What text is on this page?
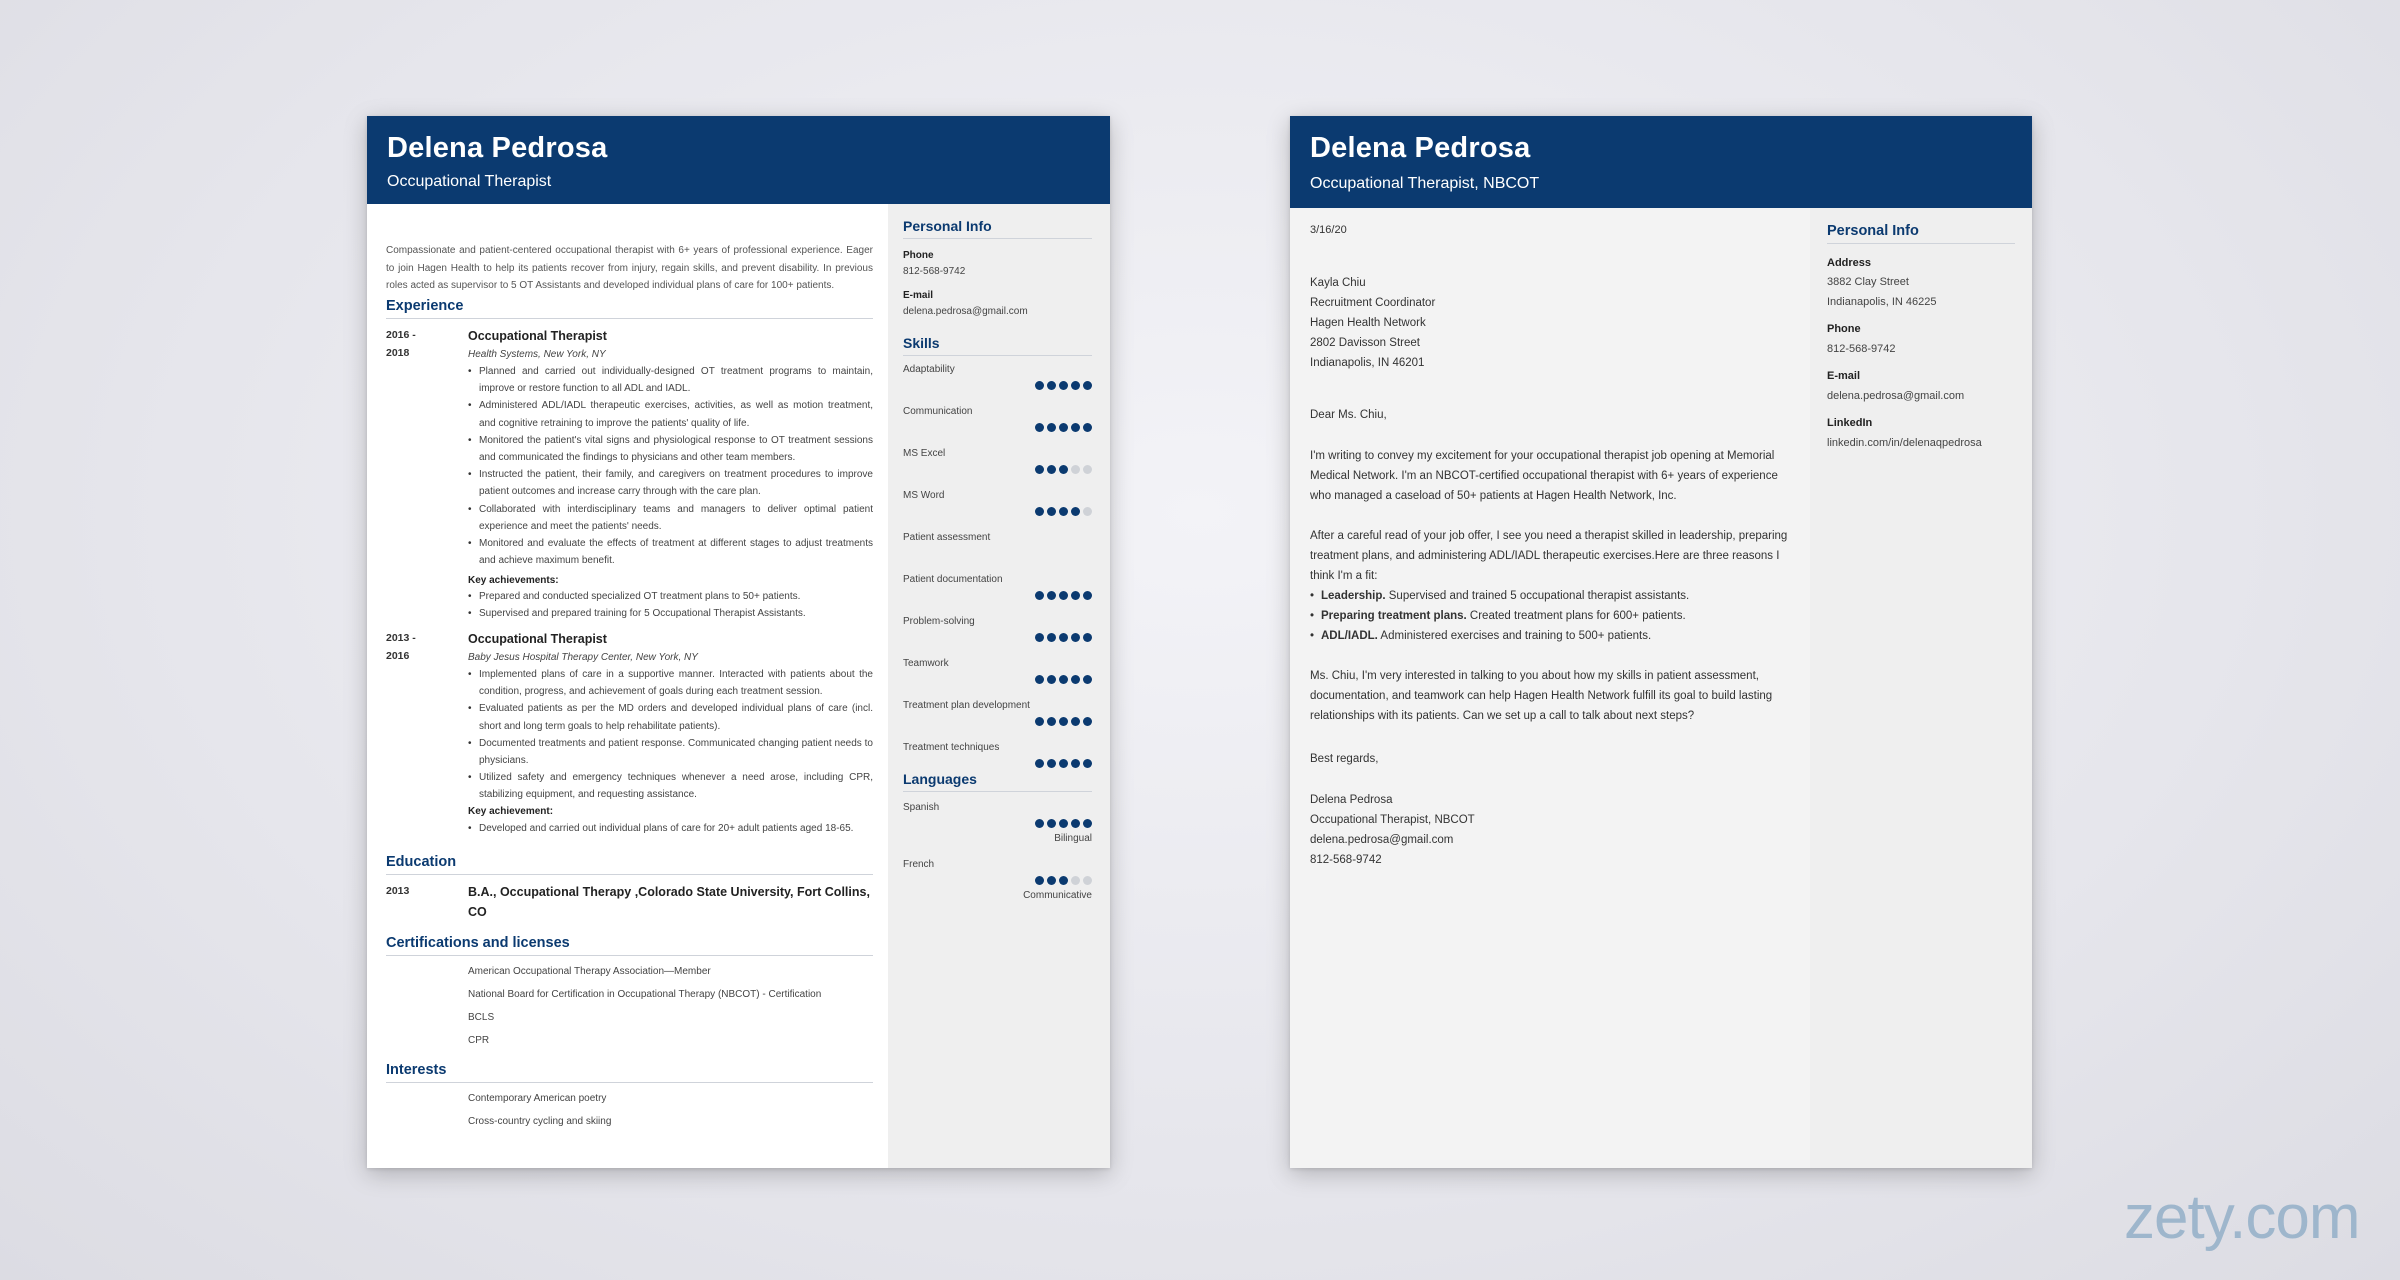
Delena Pedrosa
Occupational Therapist
Compassionate and patient-centered occupational therapist with 6+ years of professional experience. Eager to join Hagen Health to help its patients recover from injury, regain skills, and prevent disability. In previous roles acted as supervisor to 5 OT Assistants and developed individual plans of care for 100+ patients.
Experience
2016 -
2018
Occupational Therapist
Health Systems, New York, NY
• Planned and carried out individually-designed OT treatment programs to maintain, improve or restore function to all ADL and IADL.
• Administered ADL/IADL therapeutic exercises, activities, as well as motion treatment, and cognitive retraining to improve the patients' quality of life.
• Monitored the patient's vital signs and physiological response to OT treatment sessions and communicated the findings to physicians and other team members.
• Instructed the patient, their family, and caregivers on treatment procedures to improve patient outcomes and increase carry through with the care plan.
• Collaborated with interdisciplinary teams and managers to deliver optimal patient experience and meet the patients' needs.
• Monitored and evaluate the effects of treatment at different stages to adjust treatments and achieve maximum benefit.
Key achievements:
• Prepared and conducted specialized OT treatment plans to 50+ patients.
• Supervised and prepared training for 5 Occupational Therapist Assistants.
2013 -
2016
Occupational Therapist
Baby Jesus Hospital Therapy Center, New York, NY
• Implemented plans of care in a supportive manner. Interacted with patients about the condition, progress, and achievement of goals during each treatment session.
• Evaluated patients as per the MD orders and developed individual plans of care (incl. short and long term goals to help rehabilitate patients).
• Documented treatments and patient response. Communicated changing patient needs to physicians.
• Utilized safety and emergency techniques whenever a need arose, including CPR, stabilizing equipment, and requesting assistance.
Key achievement:
• Developed and carried out individual plans of care for 20+ adult patients aged 18-65.
Education
2013	B.A., Occupational Therapy ,Colorado State University, Fort Collins, CO
Certifications and licenses
American Occupational Therapy Association—Member
National Board for Certification in Occupational Therapy (NBCOT) - Certification
BCLS
CPR
Personal Info
Phone
812-568-9742
E-mail
delena.pedrosa@gmail.com
Skills
Languages
Adaptability
Communication
MS Excel
MS Word
Patient assessment
Patient documentation
Problem-solving
Teamwork
Treatment plan development
Treatment techniques
Spanish
Bilingual
French
Communicative
Interests
Contemporary American poetry
Cross-country cycling and skiing
Delena Pedrosa
Occupational Therapist, NBCOT
3/16/20
Kayla Chiu
Recruitment Coordinator
Hagen Health Network
2802 Davisson Street
Indianapolis, IN 46201
Dear Ms. Chiu,
I'm writing to convey my excitement for your occupational therapist job opening at Memorial Medical Network. I'm an NBCOT-certified occupational therapist with 6+ years of experience who managed a caseload of 50+ patients at Hagen Health Network, Inc.
After a careful read of your job offer, I see you need a therapist skilled in leadership, preparing treatment plans, and administering ADL/IADL therapeutic exercises.Here are three reasons I think I'm a fit:
• Leadership. Supervised and trained 5 occupational therapist assistants.
• Preparing treatment plans. Created treatment plans for 600+ patients.
• ADL/IADL. Administered exercises and training to 500+ patients.
Ms. Chiu, I'm very interested in talking to you about how my skills in patient assessment, documentation, and teamwork can help Hagen Health Network fulfill its goal to build lasting relationships with its patients. Can we set up a call to talk about next steps?
Best regards,
Delena Pedrosa
Occupational Therapist, NBCOT
delena.pedrosa@gmail.com
812-568-9742
Personal Info
Address
3882 Clay Street
Indianapolis, IN 46225
Phone
812-568-9742
E-mail
delena.pedrosa@gmail.com
LinkedIn
linkedin.com/in/delenaqpedrosa
zety.com
